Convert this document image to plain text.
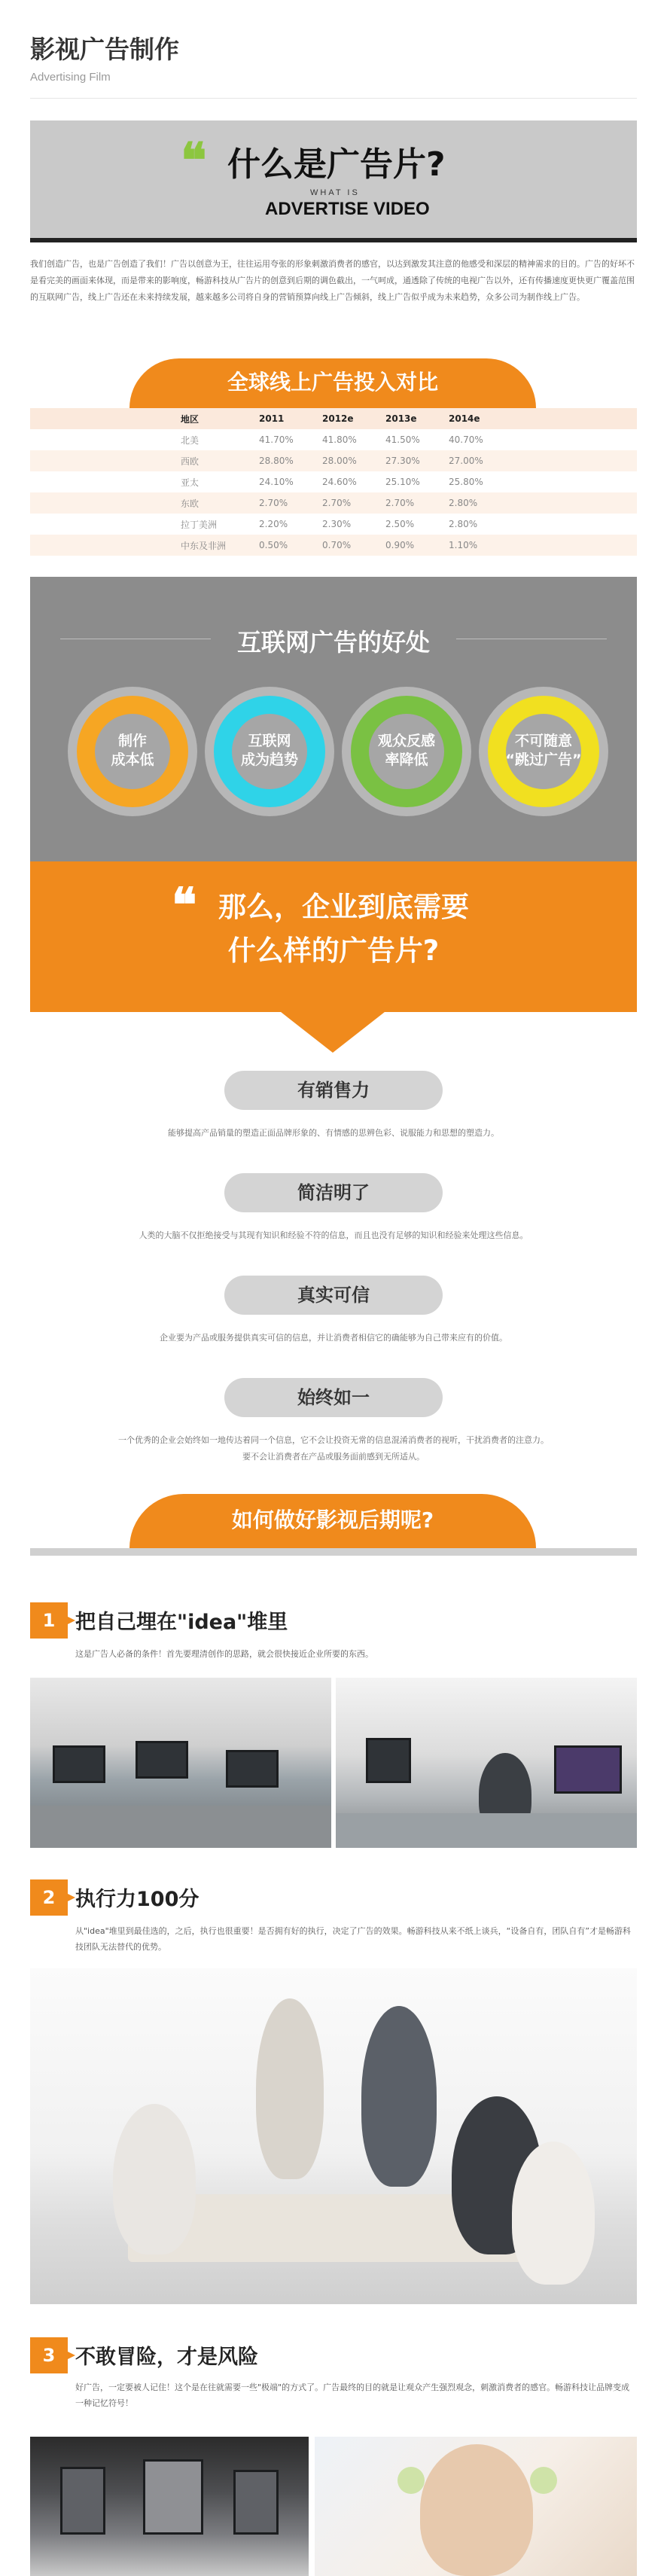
影视广告制作
Advertising Film
❝ 什么是广告片?
WHAT IS
ADVERTISE VIDEO
我们创造广告，也是广告创造了我们！广告以创意为王，往往运用夸张的形象刺激消费者的感官，以达到激发其注意的他感受和深层的精神需求的目的。广告的好坏不是看完美的画面来体现，而是带来的影响度，畅游科技从广告片的创意到后期的调色截出，一气呵成，通透除了传统的电视广告以外，还有传播速度更快更广覆盖范围的互联网广告，线上广告还在未来持续发展，越来越多公司将自身的营销预算向线上广告倾斜，线上广告似乎成为未来趋势，众多公司为制作线上广告。
全球线上广告投入对比
地区	2011	2012e	2013e	2014e
北美	41.70%	41.80%	41.50%	40.70%
西欧	28.80%	28.00%	27.30%	27.00%
亚太	24.10%	24.60%	25.10%	25.80%
东欧	2.70%	2.70%	2.70%	2.80%
拉丁美洲	2.20%	2.30%	2.50%	2.80%
中东及非洲	0.50%	0.70%	0.90%	1.10%
互联网广告的好处
制作
成本低
互联网
成为趋势
观众反感
率降低
不可随意
“跳过广告”
❝ 那么，企业到底需要
什么样的广告片?
有销售力
能够提高产品销量的塑造正面品牌形象的、有情感的思辨色彩、说服能力和思想的塑造力。
简洁明了
人类的大脑不仅拒绝接受与其现有知识和经验不符的信息，而且也没有足够的知识和经验来处理这些信息。
真实可信
企业要为产品或服务提供真实可信的信息，并让消费者相信它的确能够为自己带来应有的价值。
始终如一
一个优秀的企业会始终如一地传达着同一个信息，它不会让投资无常的信息混淆消费者的视听，干扰消费者的注意力。
要不会让消费者在产品或服务面前感到无所适从。
如何做好影视后期呢?
1 把自己埋在"idea"堆里
这是广告人必备的条件！首先要理清创作的思路，就会很快接近企业所要的东西。
2 执行力100分
从"idea"堆里到最佳选的，之后，执行也很重要！是否拥有好的执行，决定了广告的效果。畅游科技从来不纸上谈兵，“设备自有，团队自有”才是畅游科技团队无法替代的优势。
3 不敢冒险，才是风险
好广告，一定要被人记住！这个是在往就需要一些"极端"的方式了。广告最终的目的就是让观众产生强烈观念，刺激消费者的感官。畅游科技让品牌变成一种记忆符号！
